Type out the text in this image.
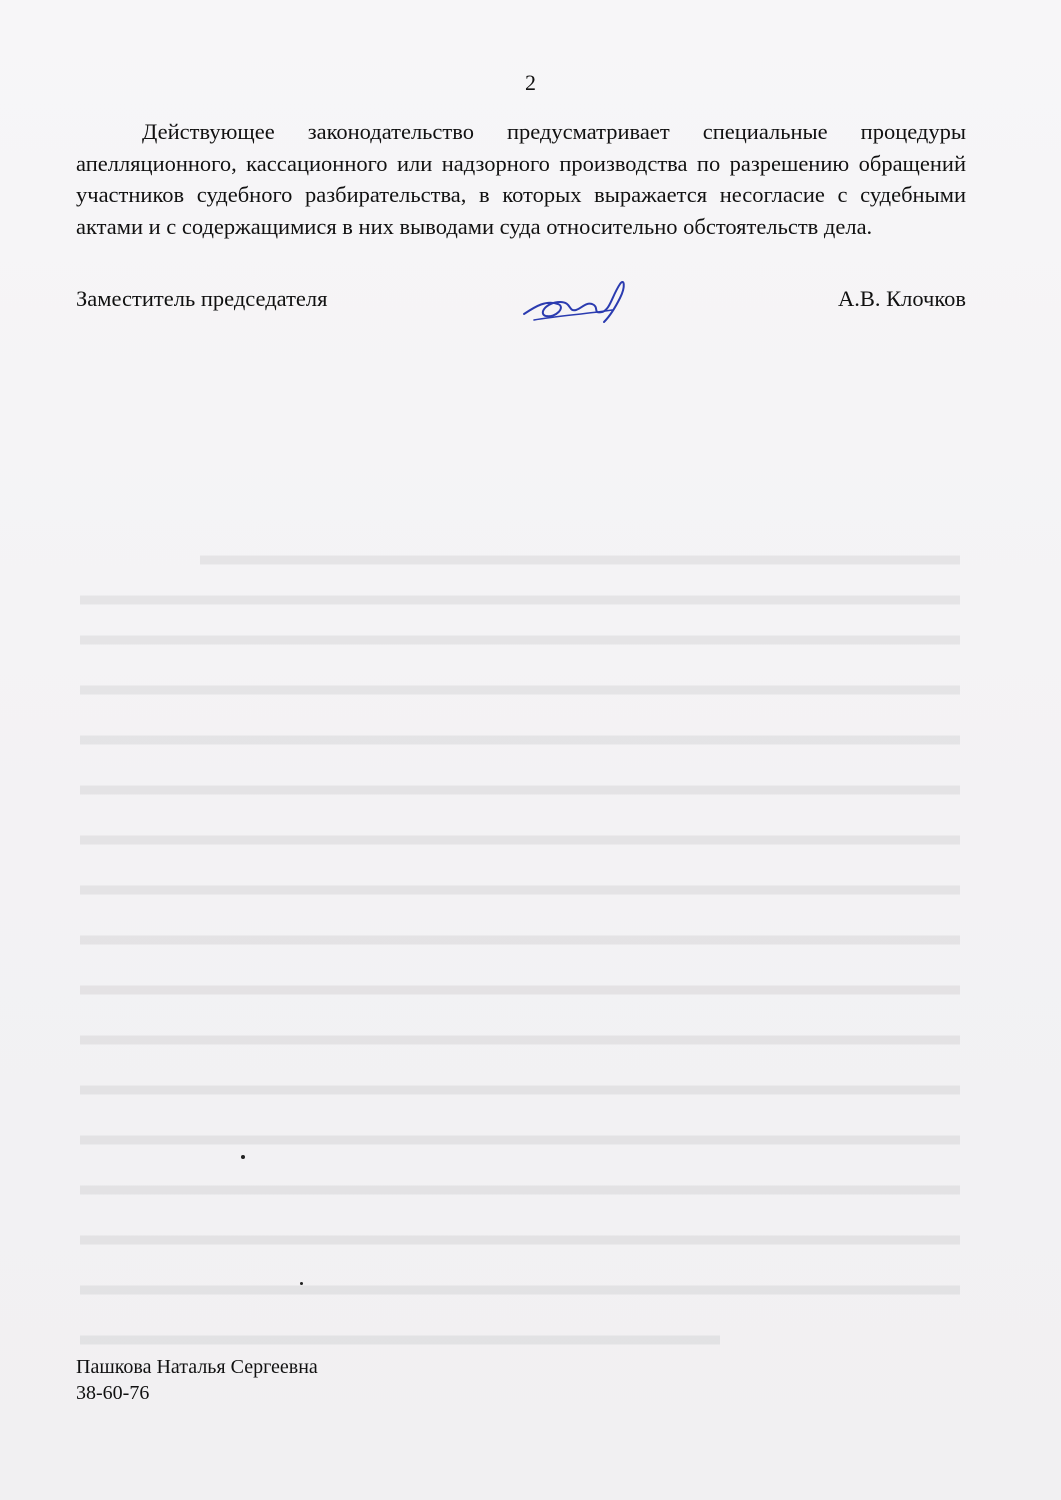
2

Действующее законодательство предусматривает специальные процедуры апелляционного, кассационного или надзорного производства по разрешению обращений участников судебного разбирательства, в которых выражается несогласие с судебными актами и с содержащимися в них выводами суда относительно обстоятельств дела.

Заместитель председателя	А.В. Клочков
Пашкова Наталья Сергеевна
38-60-76
